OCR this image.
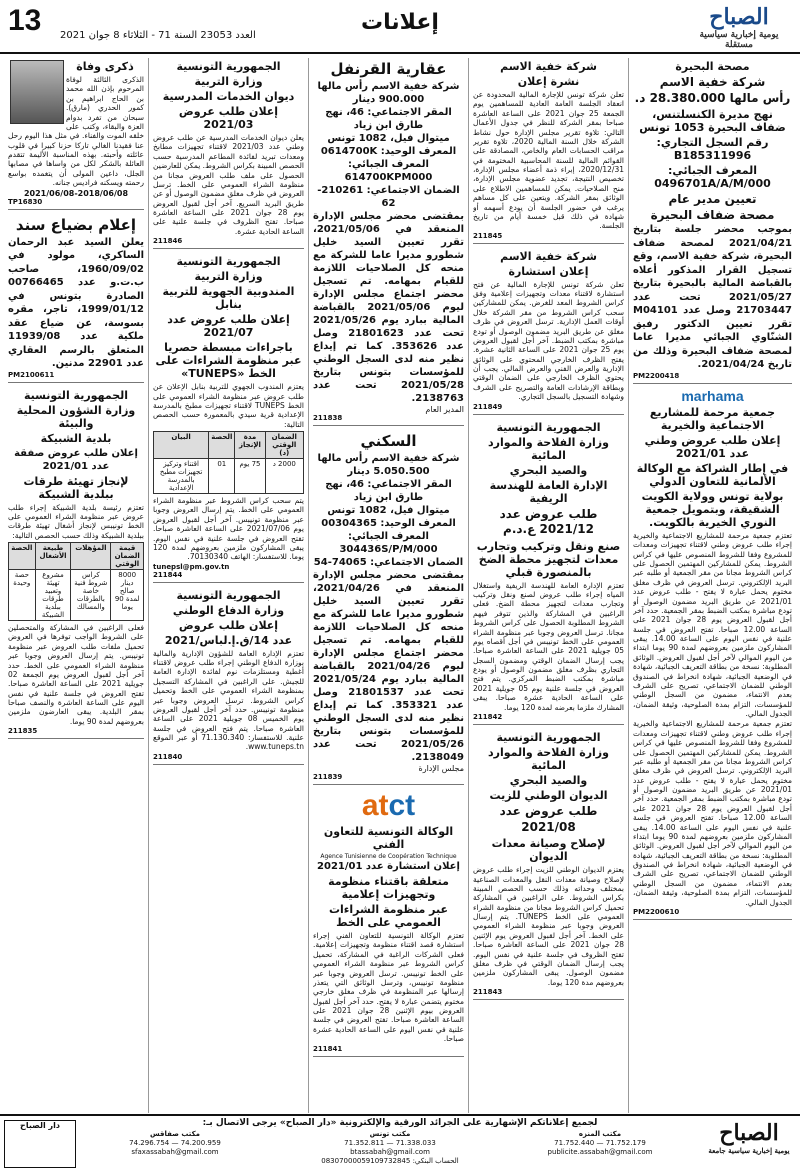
13 العدد 23053 السنة 71 - الثلاثاء 8 جوان 2021
إعلانات	الصباح
يومية إخبارية سياسية مستقلة
مصحة البحيرة
شركة خفية الاسم
رأس مالها 28.380.000 د.
نهج مديرة الكنسلتنس، ضفاف البحيرة 1053 تونس
رقم السجل التجاري: B185311996
المعرف الجبائي: 0496701A/A/M/000
تعيين مدير عام
مصحة ضفاف البحيرة
بموجب محضر جلسة بتاريخ 2021/04/21 لمصحة ضفاف البحيرة، شركة خفية الاسم، وقع تسجيل القرار المذكور أعلاه بالقباضة المالية بالبحيرة بتاريخ 2021/05/27 تحت عدد 21703447 وصل عدد M04101 تقرر تعيين الدكتور رفيق الشنّاوي الجبائي مديرا عاما لمصحة ضفاف البحيرة وذلك من تاريخ 2021/04/24.
PM2200418
marhama
جمعية مرحمة للمشاريع الاجتماعية والخيرية
إعلان طلب عروض وطني عدد 2021/01
في إطار الشراكة مع الوكالة الألمانية للتعاون الدولي
بولاية تونس وولاية الكويت الشقيقة، وبتمويل جمعية النوري الخيرية بالكويت.

تعتزم جمعية مرحمة للمشاريع الاجتماعية والخيرية إجراء طلب عروض وطني لاقتناء تجهيزات ومعدات للمشروع وفقا للشروط المنصوص عليها في كراس الشروط. يمكن للمشاركين المهتمين الحصول على كراس الشروط مجانا من مقر الجمعية أو طلبه عبر البريد الإلكتروني. ترسل العروض في ظرف مغلق مختوم يحمل عبارة لا يفتح - طلب عروض عدد 2021/01 عن طريق البريد مضمون الوصول أو تودع مباشرة بمكتب الضبط بمقر الجمعية. حدد آخر أجل لقبول العروض يوم 28 جوان 2021 على الساعة 12.00 صباحا. تفتح العروض في جلسة علنية في نفس اليوم على الساعة 14.00. يبقى المشاركون ملزمين بعروضهم لمدة 90 يوما ابتداء من اليوم الموالي لآخر أجل لقبول العروض. الوثائق المطلوبة: نسخة من بطاقة التعريف الجبائية، شهادة في الوضعية الجبائية، شهادة انخراط في الصندوق الوطني للضمان الاجتماعي، تصريح على الشرف بعدم الانتماء، مضمون من السجل الوطني للمؤسسات، التزام بمدة الصلوحية، وثيقة الضمان، الجدول المالي.

تعتزم جمعية مرحمة للمشاريع الاجتماعية والخيرية إجراء طلب عروض وطني لاقتناء تجهيزات ومعدات للمشروع وفقا للشروط المنصوص عليها في كراس الشروط. يمكن للمشاركين المهتمين الحصول على كراس الشروط مجانا من مقر الجمعية أو طلبه عبر البريد الإلكتروني. ترسل العروض في ظرف مغلق مختوم يحمل عبارة لا يفتح - طلب عروض عدد 2021/01 عن طريق البريد مضمون الوصول أو تودع مباشرة بمكتب الضبط بمقر الجمعية. حدد آخر أجل لقبول العروض يوم 28 جوان 2021 على الساعة 12.00 صباحا. تفتح العروض في جلسة علنية في نفس اليوم على الساعة 14.00. يبقى المشاركون ملزمين بعروضهم لمدة 90 يوما ابتداء من اليوم الموالي لآخر أجل لقبول العروض. الوثائق المطلوبة: نسخة من بطاقة التعريف الجبائية، شهادة في الوضعية الجبائية، شهادة انخراط في الصندوق الوطني للضمان الاجتماعي، تصريح على الشرف بعدم الانتماء، مضمون من السجل الوطني للمؤسسات، التزام بمدة الصلوحية، وثيقة الضمان، الجدول المالي.

PM2200610
شركة خفية الاسم
نشرة إعلان

تعلن شركة تونس للإجارة المالية المحدودة عن انعقاد الجلسة العامة العادية للمساهمين يوم الجمعة 25 جوان 2021 على الساعة العاشرة صباحا بمقر الشركة للنظر في جدول الأعمال التالي: تلاوة تقرير مجلس الإدارة حول نشاط الشركة خلال السنة المالية 2020، تلاوة تقرير مراقب الحسابات العام والخاص، المصادقة على القوائم المالية للسنة المحاسبية المختومة في 2020/12/31، إبراء ذمة أعضاء مجلس الإدارة، تخصيص النتيجة، تجديد عضوية مجلس الإدارة، منح الصلاحيات. يمكن للمساهمين الاطلاع على الوثائق بمقر الشركة. ويتعين على كل مساهم يرغب في حضور الجلسة أن يودع أسهمه أو شهادة في ذلك قبل خمسة أيام من تاريخ الجلسة.

211845
شركة خفية الاسم
إعلان استشارة

تعلن شركة تونس للإجارة المالية عن فتح استشارة لاقتناء معدات وتجهيزات إعلامية وفق كراس الشروط المعد للغرض. يمكن للمشاركين سحب كراس الشروط من مقر الشركة خلال أوقات العمل الإدارية. ترسل العروض في ظرف مغلق عن طريق البريد مضمون الوصول أو تودع مباشرة بمكتب الضبط. آخر أجل لقبول العروض يوم 25 جوان 2021 على الساعة الثانية عشرة. يفتح الظرف الخارجي المحتوي على الوثائق الإدارية والعرض الفني والعرض المالي. يجب أن يحتوي الظرف الخارجي على الضمان الوقتي وبطاقة الإرشادات العامة والتصريح على الشرف وشهادة التسجيل بالسجل التجاري.

211849
الجمهورية التونسية
وزارة الفلاحة والموارد المائية
والصيد البحري
الإدارة العامة للهندسة الريفية
طلب عروض عدد 2021/12 ع.د.م
صنع ونقل وتركيب وتجارب معدات لتجهيز محطة الضخ بالمنصورة قبلي

تعتزم الإدارة العامة للهندسة الريفية واستغلال المياه إجراء طلب عروض لصنع ونقل وتركيب وتجارب معدات لتجهيز محطة الضخ. فعلى الراغبين في المشاركة والذين تتوفر فيهم الشروط المطلوبة الحصول على كراس الشروط مجانا. ترسل العروض وجوبا عبر منظومة الشراء العمومي على الخط تونيبس في أجل أقصاه يوم 05 جويلية 2021 على الساعة العاشرة صباحا. يجب إرسال الضمان الوقتي ومضمون السجل التجاري بظرف مغلق مضمون الوصول أو يودع مباشرة بمكتب الضبط المركزي. يتم فتح العروض في جلسة علنية يوم 05 جويلية 2021 على الساعة الحادية عشرة صباحا. يبقى المشارك ملزما بعرضه لمدة 120 يوما.

211842
الجمهورية التونسية
وزارة الفلاحة والموارد المائية
والصيد البحري
الديوان الوطني للزيت
طلب عروض عدد 2021/08
لإصلاح وصيانة معدات الديوان

يعتزم الديوان الوطني للزيت إجراء طلب عروض لإصلاح وصيانة معدات النقل والمعدات الصناعية بمختلف وحداته وذلك حسب الحصص المبينة بكراس الشروط. على الراغبين في المشاركة تحميل كراس الشروط مجانا من منظومة الشراء العمومي على الخط TUNEPS. يتم إرسال العروض وجوبا عبر منظومة الشراء العمومي على الخط. آخر أجل لقبول العروض يوم الإثنين 28 جوان 2021 على الساعة العاشرة صباحا. تفتح الظروف في جلسة علنية في نفس اليوم. يجب إرسال الضمان الوقتي في ظرف مغلق مضمون الوصول. يبقى المشاركون ملزمين بعروضهم مدة 120 يوما.

211843
عقارية القرنفل
شركة خفية الاسم رأس مالها 900.000 دينار
المقر الاجتماعي: 46، نهج طارق ابن زياد
ميتوال فيل، 1082 تونس
المعرف الوحيد: 0614700K
المعرف الجبائي: 614700KPM000
الضمان الاجتماعي: 210261-62
بمقتضى محضر مجلس الإدارة المنعقد في 2021/05/06، تقرر تعيين السيد خليل شطورو مديرا عاما للشركة مع منحه كل الصلاحيات اللازمة للقيام بمهامه. تم تسجيل محضر اجتماع مجلس الإدارة ليوم 2021/05/06 بالقباضة المالية ببارد يوم 2021/05/26 تحت عدد 21801623 وصل عدد 353626. كما تم إيداع نظير منه لدى السجل الوطني للمؤسسات بتونس بتاريخ 2021/05/28 تحت عدد 2138763.
المدير العام
211838
السكني
شركة خفية الاسم رأس مالها 5.050.500 دينار
المقر الاجتماعي: 46، نهج طارق ابن زياد
ميتوال فيل، 1082 تونس
المعرف الوحيد: 00304365
المعرف الجبائي: 304436S/P/M/000
الضمان الاجتماعي: 74065-54
بمقتضى محضر مجلس الإدارة المنعقد في 2021/04/26، تقرر تعيين السيد خليل شطورو مديرا عاما للشركة مع منحه كل الصلاحيات اللازمة للقيام بمهامه. تم تسجيل محضر اجتماع مجلس الإدارة ليوم 2021/04/26 بالقباضة المالية ببارد يوم 2021/05/24 تحت عدد 21801537 وصل عدد 353321. كما تم إيداع نظير منه لدى السجل الوطني للمؤسسات بتونس بتاريخ 2021/05/26 تحت عدد 2138049.
مجلس الإدارة
211839
atct
الوكالة التونسية للتعاون الفني
Agence Tunisienne de Coopération Technique
إعلان استشارة عدد 2021/01
متعلقة باقتناء منظومة وتجهيزات إعلامية
عبر منظومة الشراءات العمومي على الخط

تعتزم الوكالة التونسية للتعاون الفني إجراء استشارة قصد اقتناء منظومة وتجهيزات إعلامية. فعلى الشركات الراغبة في المشاركة، تحميل كراس الشروط عبر منظومة الشراء العمومي على الخط تونيبس. ترسل العروض وجوبا عبر منظومة تونيبس، وترسل الوثائق التي يتعذر إرسالها عبر المنظومة في ظرف مغلق خارجي مختوم يتضمن عبارة لا يفتح. حدد آخر أجل لقبول العروض بيوم الإثنين 28 جوان 2021 على الساعة العاشرة صباحا. تفتح العروض في جلسة علنية في نفس اليوم على الساعة الحادية عشرة صباحا.

211841
الجمهورية التونسية
وزارة التربية
ديوان الخدمات المدرسية
إعلان طلب عروض 2021/03

يعلن ديوان الخدمات المدرسية عن طلب عروض وطني عدد 2021/03 لاقتناء تجهيزات مطابخ ومعدات تبريد لفائدة المطاعم المدرسية حسب الحصص المبينة بكراس الشروط. يمكن للعارضين الحصول على ملف طلب العروض مجانا من منظومة الشراء العمومي على الخط. ترسل العروض في ظرف مغلق مضمون الوصول أو عن طريق البريد السريع. آخر أجل لقبول العروض يوم 28 جوان 2021 على الساعة العاشرة صباحا. تفتح الظروف في جلسة علنية على الساعة الحادية عشرة.

211846
الجمهورية التونسية
وزارة التربية
المندوبية الجهوية للتربية بنابل
إعلان طلب عروض عدد 2021/07
باجراءات مبسطة حصريا عبر منظومة الشراءات على الخط «TUNEPS»

يعتزم المندوب الجهوي للتربية بنابل الإعلان عن طلب عروض عبر منظومة الشراء العمومي على الخط TUNEPS لاقتناء تجهيزات مطبخ بالمدرسة الإعدادية قرية سيدي بالمعمورة حسب الحصص التالية:

الضمان الوقتي (د)	مدة الإنجاز	الحصة	البيان
2000 د	75 يوم	01	اقتناء وتركيز تجهيزات مطبخ بالمدرسة الإعدادية

يتم سحب كراس الشروط عبر منظومة الشراء العمومي على الخط. يتم إرسال العروض وجوبا عبر منظومة تونيبس. آخر أجل لقبول العروض يوم 2021/07/06 على الساعة العاشرة صباحا. تفتح العروض في جلسة علنية في نفس اليوم. يبقى المشاركون ملزمين بعروضهم لمدة 120 يوما. للاستفسار: الهاتف 70130340.

tunepsl@pm.gov.tn
211844
الجمهورية التونسية
وزارة الدفاع الوطني
إعلان طلب عروض
عدد 14/ق.إ.لباس/2021

تعتزم الإدارة العامة للشؤون الإدارية والمالية بوزارة الدفاع الوطني إجراء طلب عروض لاقتناء أغطية ومستلزمات نوم لفائدة الإدارة العامة للجيش. على الراغبين في المشاركة التسجيل بمنظومة الشراء العمومي على الخط وتحميل كراس الشروط. ترسل العروض وجوبا عبر منظومة تونيبس. حدد آخر أجل لقبول العروض يوم الخميس 08 جويلية 2021 على الساعة العاشرة صباحا. يتم فتح العروض في جلسة علنية. للاستفسار: 71.130.340 أو عبر الموقع www.tuneps.tn.

211840
ذكرى وفاة

الذكرى الثالثة لوفاة المرحوم بإذن الله محمد بن الحاج ابراهيم بن كمور الحدري (مارق). سبحان من تفرد بدوام العزة والبقاء، وكتب على خلقه الموت والفناء. في مثل هذا اليوم رحل عنا فقيدنا الغالي تاركا حزنا كبيرا في قلوب عائلته وأحبته. بهذه المناسبة الأليمة تتقدم العائلة بالشكر لكل من واساها في مصابها الجلل، داعين المولى أن يتغمده بواسع رحمته ويسكنه فراديس جنانه.

2021/06/08-2018/06/08
TP16830
إعلام بضياع سند
يعلن السيد عبد الرحمان الساكري، مولود في 1960/09/02، صاحب ب.ت.و عدد 00766465 الصادرة بتونس في 1999/01/12، تاجر، مقره بسوسة، عن ضياع عقد ملكية عدد 11939/08 المتعلق بالرسم العقاري عدد 22901 مدنين.
PM2100611
الجمهورية التونسية
وزارة الشؤون المحلية والبيئة
بلدية الشبيكة
إعلان طلب عروض صفقة عدد 2021/01
لإنجاز تهيئة طرقات ببلدية الشبيكة

تعتزم رئيسة بلدية الشبيكة إجراء طلب عروض عبر منظومة الشراء العمومي على الخط تونيبس لإنجاز أشغال تهيئة طرقات ببلدية الشبيكة وذلك حسب الحصص التالية:

قيمة الضمان الوقتي	المؤهلات	طبيعة الأشغال	الحصة
8000 دينار صالح لمدة 90 يوما	كراس شروط فنية خاصة بالطرقات والمسالك	مشروع تهيئة وتعبيد طرقات ببلدية الشبيكة	حصة وحيدة

فعلى الراغبين في المشاركة والمتحصلين على الشروط الواجب توفرها في العروض تحميل ملفات طلب العروض عبر منظومة تونيبس. يتم إرسال العروض وجوبا عبر منظومة الشراء العمومي على الخط. حدد آخر أجل لقبول العروض يوم الجمعة 02 جويلية 2021 على الساعة العاشرة صباحا. تفتح العروض في جلسة علنية في نفس اليوم على الساعة العاشرة والنصف صباحا بمقر البلدية. يبقى العارضون ملزمين بعروضهم لمدة 90 يوما.

211835
لجميع إعلاناتكم الإشهارية على الجرائد الورقية والإلكترونية «دار الصباح» يرجى الاتصال بـ:
مكتب صفاقس
74.200.959 — 74.296.754
sfaxassabah@gmail.com
مكتب تونس
71.338.033 — 71.352.811
btassabah@gmail.com
الحساب البنكي: 08307000059109732845
مكتب المنزه
71.752.179 — 71.752.440
publicite.assabah@gmail.com
الصباح
يومية إخبارية سياسية جامعة
دار الصباح
